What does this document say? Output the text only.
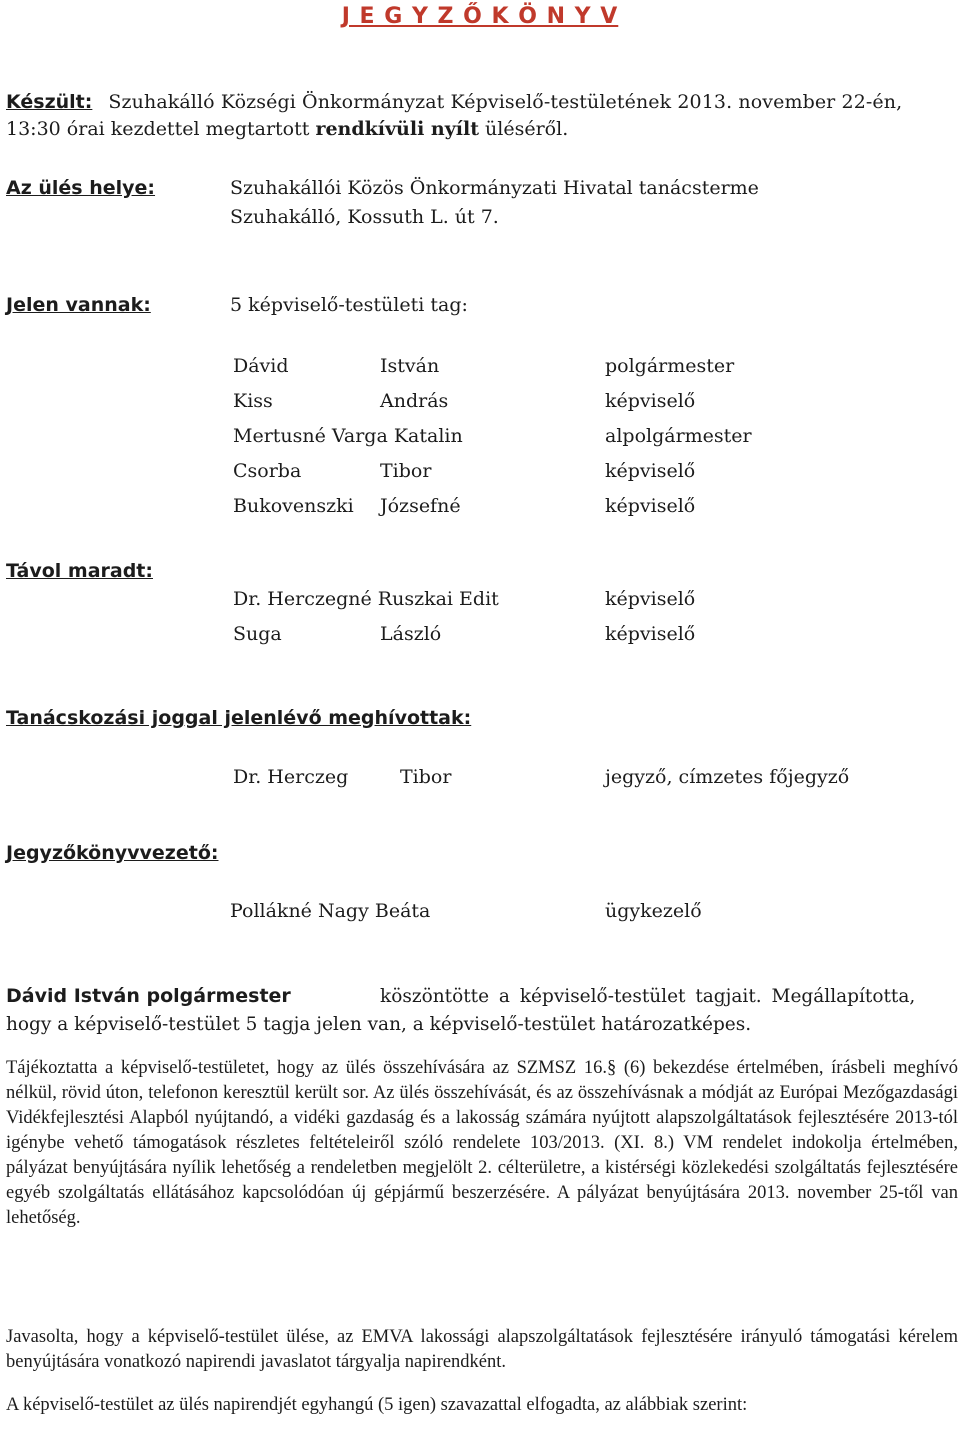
J E G Y Z Ő K Ö N Y V
Készült: Szuhakálló Községi Önkormányzat Képviselő-testületének 2013. november 22-én,
13:30 órai kezdettel megtartott rendkívüli nyílt üléséről.
Az ülés helye:	Szuhakállói Közös Önkormányzati Hivatal tanácsterme
Szuhakálló, Kossuth L. út 7.
Jelen vannak:	5 képviselő-testületi tag:
Dávid	István	polgármester
Kiss	András	képviselő
Mertusné Varga Katalin	alpolgármester
Csorba	Tibor	képviselő
Bukovenszki Józsefné	képviselő
Távol maradt:
Dr. Herczegné Ruszkai Edit	képviselő
Suga	László	képviselő
Tanácskozási joggal jelenlévő meghívottak:
Dr. Herczeg	Tibor	jegyző, címzetes főjegyző
Jegyzőkönyvvezető:
Pollákné Nagy Beáta	ügykezelő
Dávid István polgármester	köszöntötte a képviselő-testület tagjait. Megállapította,
hogy a képviselő-testület 5 tagja jelen van, a képviselő-testület határozatképes.

Tájékoztatta a képviselő-testületet, hogy az ülés összehívására az SZMSZ 16.§ (6) bekezdése értelmében, írásbeli meghívó nélkül, rövid úton, telefonon keresztül került sor. Az ülés összehívását, és az összehívásnak a módját az Európai Mezőgazdasági Vidékfejlesztési Alapból nyújtandó, a vidéki gazdaság és a lakosság számára nyújtott alapszolgáltatások fejlesztésére 2013-tól igénybe vehető támogatások részletes feltételeiről szóló rendelete 103/2013. (XI. 8.) VM rendelet indokolja értelmében, pályázat benyújtására nyílik lehetőség a rendeletben megjelölt 2. célterületre, a kistérségi közlekedési szolgáltatás fejlesztésére egyéb szolgáltatás ellátásához kapcsolódóan új gépjármű beszerzésére. A pályázat benyújtására 2013. november 25-től van lehetőség.

Javasolta, hogy a képviselő-testület ülése, az EMVA lakossági alapszolgáltatások fejlesztésére irányuló támogatási kérelem benyújtására vonatkozó napirendi javaslatot tárgyalja napirendként.

A képviselő-testület az ülés napirendjét egyhangú (5 igen) szavazattal elfogadta, az alábbiak szerint:
